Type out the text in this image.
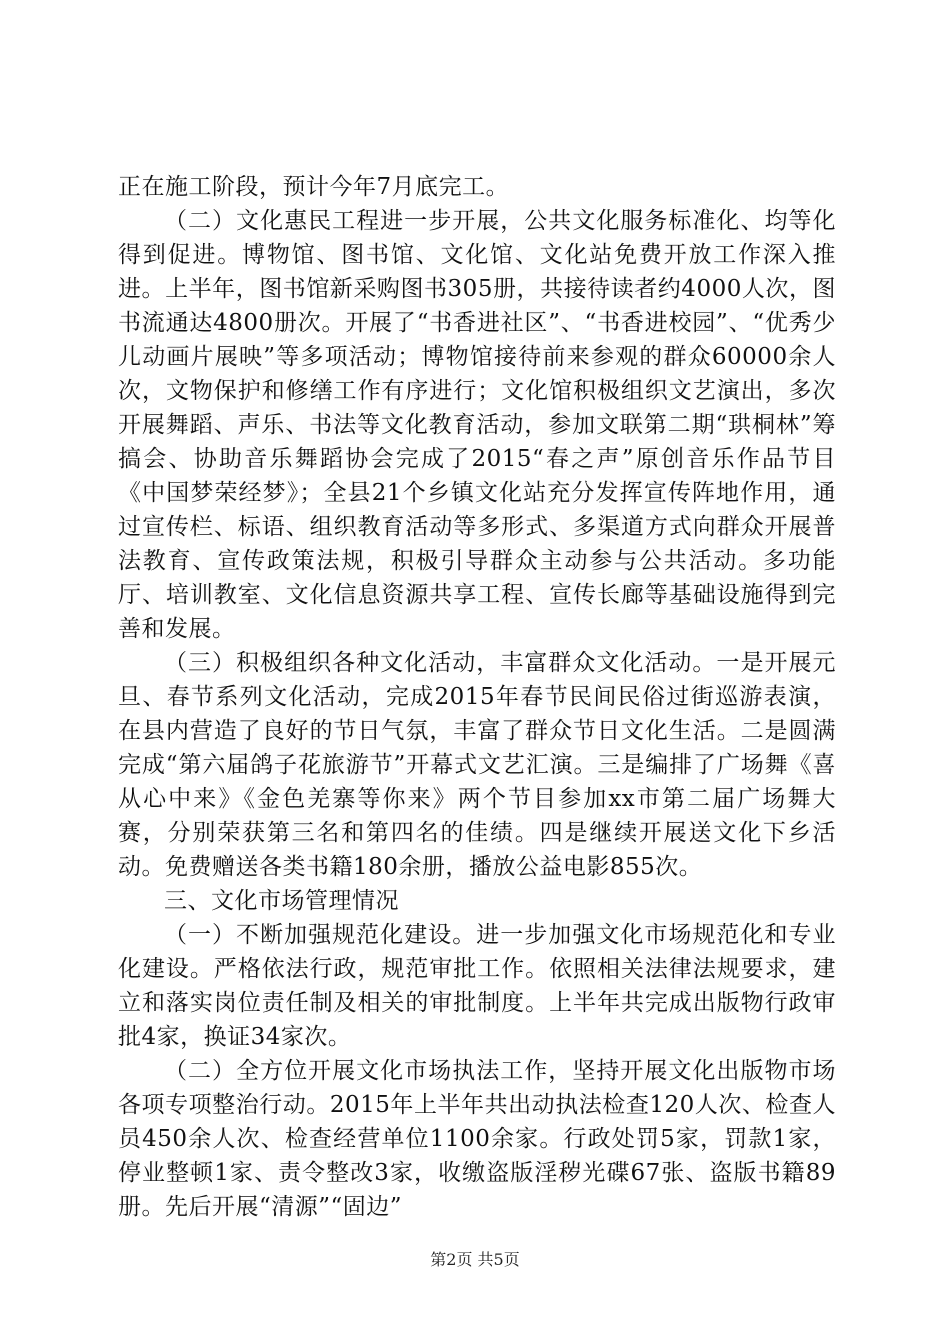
正在施工阶段，预计今年7月底完工。

（二）文化惠民工程进一步开展，公共文化服务标准化、均等化得到促进。博物馆、图书馆、文化馆、文化站免费开放工作深入推进。上半年，图书馆新采购图书305册，共接待读者约4000人次，图书流通达4800册次。开展了“书香进社区”、“书香进校园”、“优秀少儿动画片展映”等多项活动；博物馆接待前来参观的群众60000余人次，文物保护和修缮工作有序进行；文化馆积极组织文艺演出，多次开展舞蹈、声乐、书法等文化教育活动，参加文联第二期“珙桐林”筹搞会、协助音乐舞蹈协会完成了2015“春之声”原创音乐作品节目《中国梦荣经梦》；全县21个乡镇文化站充分发挥宣传阵地作用，通过宣传栏、标语、组织教育活动等多形式、多渠道方式向群众开展普法教育、宣传政策法规，积极引导群众主动参与公共活动。多功能厅、培训教室、文化信息资源共享工程、宣传长廊等基础设施得到完善和发展。

（三）积极组织各种文化活动，丰富群众文化活动。一是开展元旦、春节系列文化活动，完成2015年春节民间民俗过街巡游表演，在县内营造了良好的节日气氛，丰富了群众节日文化生活。二是圆满完成“第六届鸽子花旅游节”开幕式文艺汇演。三是编排了广场舞《喜从心中来》《金色羌寨等你来》两个节目参加xx市第二届广场舞大赛，分别荣获第三名和第四名的佳绩。四是继续开展送文化下乡活动。免费赠送各类书籍180余册，播放公益电影855次。

三、文化市场管理情况

（一）不断加强规范化建设。进一步加强文化市场规范化和专业化建设。严格依法行政，规范审批工作。依照相关法律法规要求，建立和落实岗位责任制及相关的审批制度。上半年共完成出版物行政审批4家，换证34家次。

（二）全方位开展文化市场执法工作，坚持开展文化出版物市场各项专项整治行动。2015年上半年共出动执法检查120人次、检查人员450余人次、检查经营单位1100余家。行政处罚5家，罚款1家，停业整顿1家、责令整改3家，收缴盗版淫秽光碟67张、盗版书籍89册。先后开展“清源”“固边”

第2页 共5页
